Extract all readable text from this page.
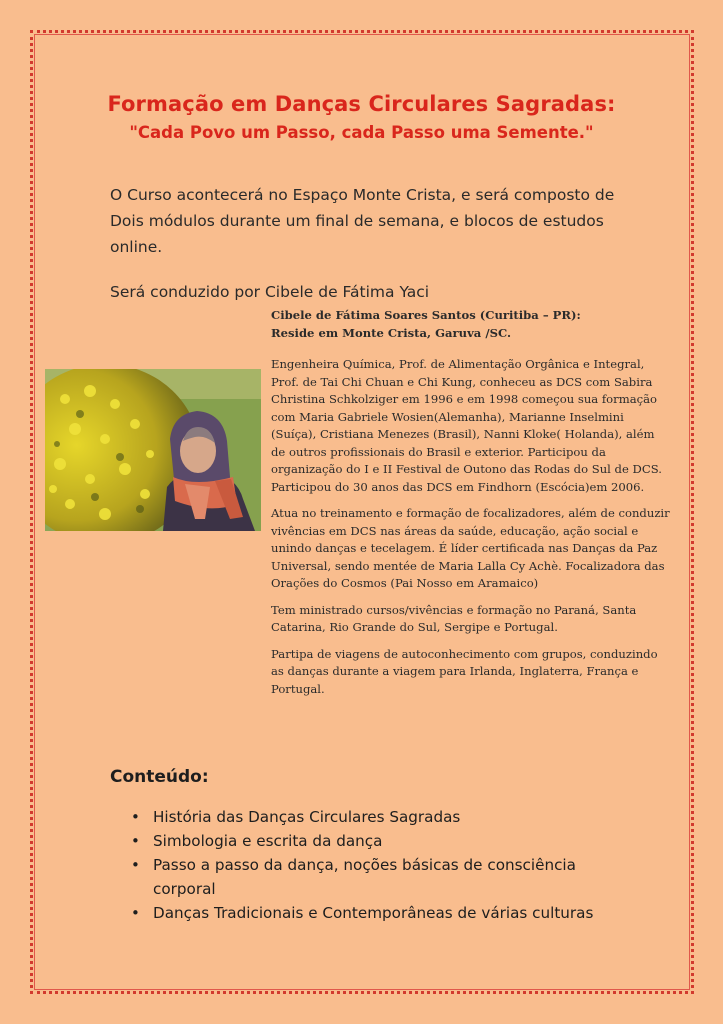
Formação em Danças Circulares Sagradas:
"Cada Povo um Passo, cada Passo uma Semente."
O Curso acontecerá no Espaço Monte Crista, e será composto de Dois módulos durante um final de semana, e blocos de estudos online.
Será conduzido por Cibele de Fátima Yaci
Cibele de Fátima Soares Santos (Curitiba – PR):
Reside em Monte Crista, Garuva /SC.

Engenheira Química, Prof. de Alimentação Orgânica e Integral, Prof. de Tai Chi Chuan e Chi Kung, conheceu as DCS com Sabira Christina Schkolziger em 1996 e em 1998 começou sua formação com Maria Gabriele Wosien(Alemanha), Marianne Inselmini (Suíça), Cristiana Menezes (Brasil), Nanni Kloke( Holanda), além de outros profissionais do Brasil e exterior. Participou da organização do I e II Festival de Outono das Rodas do Sul de DCS. Participou do 30 anos das DCS em Findhorn (Escócia)em 2006.

Atua no treinamento e formação de focalizadores, além de conduzir vivências em DCS nas áreas da saúde, educação, ação social e unindo danças e tecelagem. É líder certificada nas Danças da Paz Universal, sendo mentée de Maria Lalla Cy Achè. Focalizadora das Orações do Cosmos (Pai Nosso em Aramaico)

Tem ministrado cursos/vivências e formação no Paraná, Santa Catarina, Rio Grande do Sul, Sergipe e Portugal.

Partipa de viagens de autoconhecimento com grupos, conduzindo as danças durante a viagem para Irlanda, Inglaterra, França e Portugal.

Conteúdo:
• História das Danças Circulares Sagradas
• Simbologia e escrita da dança
• Passo a passo da dança, noções básicas de consciência corporal
• Danças Tradicionais e Contemporâneas de várias culturas
